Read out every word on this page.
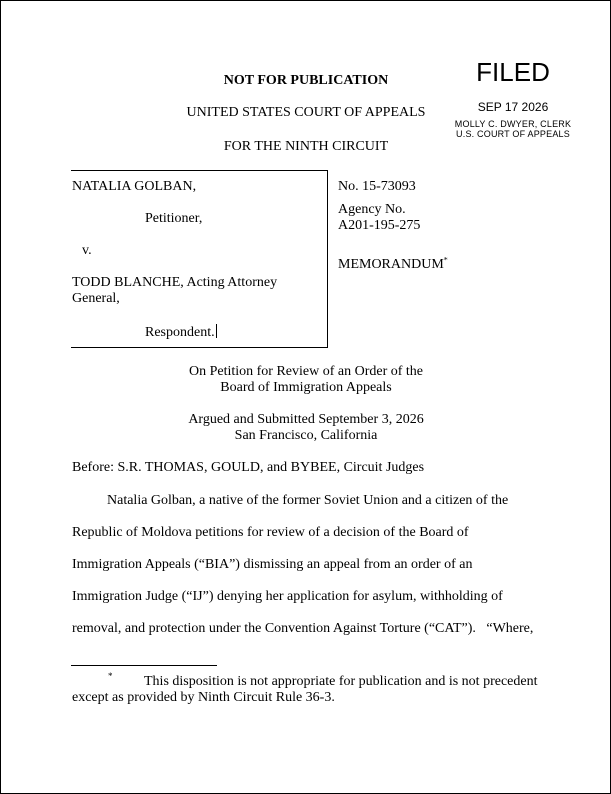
NOT FOR PUBLICATION
UNITED STATES COURT OF APPEALS
FOR THE NINTH CIRCUIT
FILED
SEP 17 2026
MOLLY C. DWYER, CLERK
U.S. COURT OF APPEALS
NATALIA GOLBAN,
Petitioner,
v.
TODD BLANCHE, Acting Attorney
General,
Respondent.
No. 15-73093
Agency No.
A201-195-275
MEMORANDUM*
On Petition for Review of an Order of the
Board of Immigration Appeals
Argued and Submitted September 3, 2026
San Francisco, California
Before: S.R. THOMAS, GOULD, and BYBEE, Circuit Judges
Natalia Golban, a native of the former Soviet Union and a citizen of the
Republic of Moldova petitions for review of a decision of the Board of
Immigration Appeals (“BIA”) dismissing an appeal from an order of an
Immigration Judge (“IJ”) denying her application for asylum, withholding of
removal, and protection under the Convention Against Torture (“CAT”).   “Where,
* This disposition is not appropriate for publication and is not precedent
except as provided by Ninth Circuit Rule 36-3.
